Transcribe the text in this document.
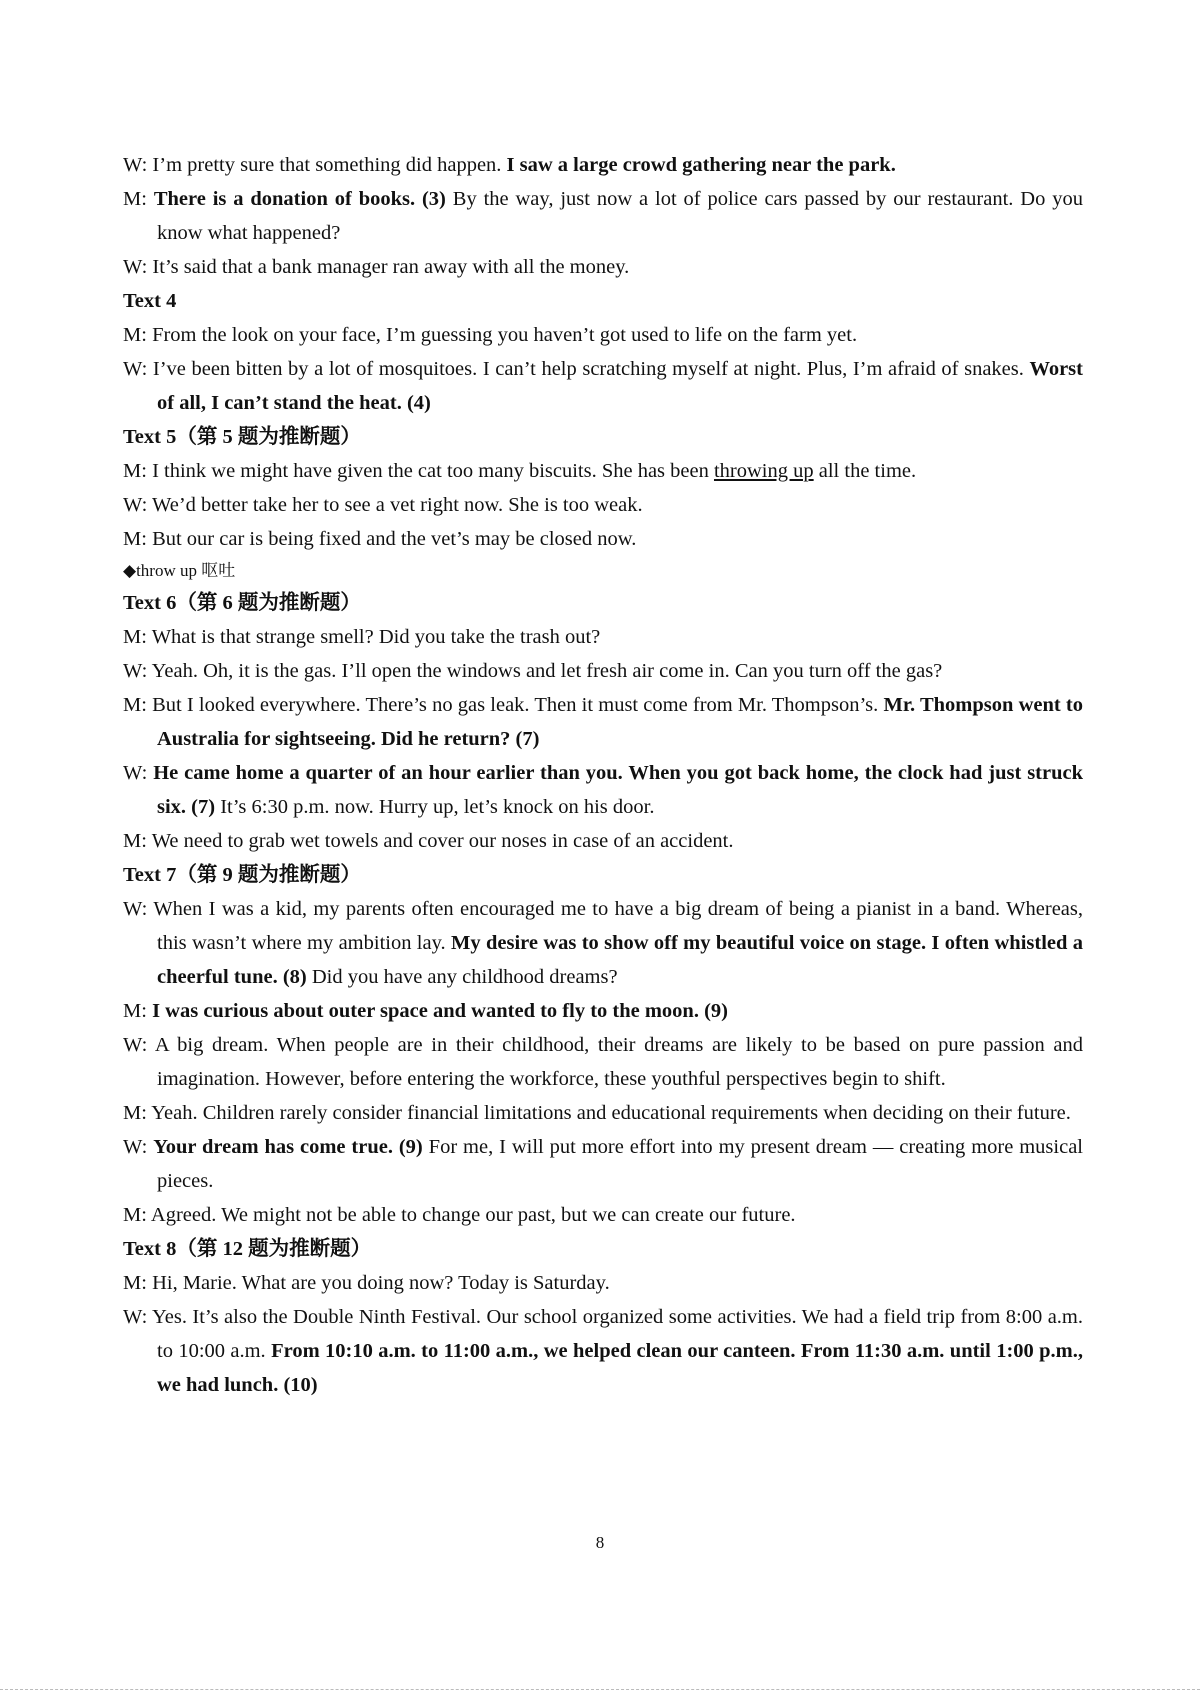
W: I’m pretty sure that something did happen. I saw a large crowd gathering near the park.

M: There is a donation of books. (3) By the way, just now a lot of police cars passed by our restaurant. Do you know what happened?

W: It’s said that a bank manager ran away with all the money.

Text 4

M: From the look on your face, I’m guessing you haven’t got used to life on the farm yet.

W: I’ve been bitten by a lot of mosquitoes. I can’t help scratching myself at night. Plus, I’m afraid of snakes. Worst of all, I can’t stand the heat. (4)

Text 5（第 5 题为推断题）

M: I think we might have given the cat too many biscuits. She has been throwing up all the time.

W: We’d better take her to see a vet right now. She is too weak.

M: But our car is being fixed and the vet’s may be closed now.

◆throw up 呕吐

Text 6（第 6 题为推断题）

M: What is that strange smell? Did you take the trash out?

W: Yeah. Oh, it is the gas. I’ll open the windows and let fresh air come in. Can you turn off the gas?

M: But I looked everywhere. There’s no gas leak. Then it must come from Mr. Thompson’s. Mr. Thompson went to Australia for sightseeing. Did he return? (7)

W: He came home a quarter of an hour earlier than you. When you got back home, the clock had just struck six. (7) It’s 6:30 p.m. now. Hurry up, let’s knock on his door.

M: We need to grab wet towels and cover our noses in case of an accident.

Text 7（第 9 题为推断题）

W: When I was a kid, my parents often encouraged me to have a big dream of being a pianist in a band. Whereas, this wasn’t where my ambition lay. My desire was to show off my beautiful voice on stage. I often whistled a cheerful tune. (8) Did you have any childhood dreams?

M: I was curious about outer space and wanted to fly to the moon. (9)

W: A big dream. When people are in their childhood, their dreams are likely to be based on pure passion and imagination. However, before entering the workforce, these youthful perspectives begin to shift.

M: Yeah. Children rarely consider financial limitations and educational requirements when deciding on their future.

W: Your dream has come true. (9) For me, I will put more effort into my present dream — creating more musical pieces.

M: Agreed. We might not be able to change our past, but we can create our future.

Text 8（第 12 题为推断题）

M: Hi, Marie. What are you doing now? Today is Saturday.

W: Yes. It’s also the Double Ninth Festival. Our school organized some activities. We had a field trip from 8:00 a.m. to 10:00 a.m. From 10:10 a.m. to 11:00 a.m., we helped clean our canteen. From 11:30 a.m. until 1:00 p.m., we had lunch. (10)

8
